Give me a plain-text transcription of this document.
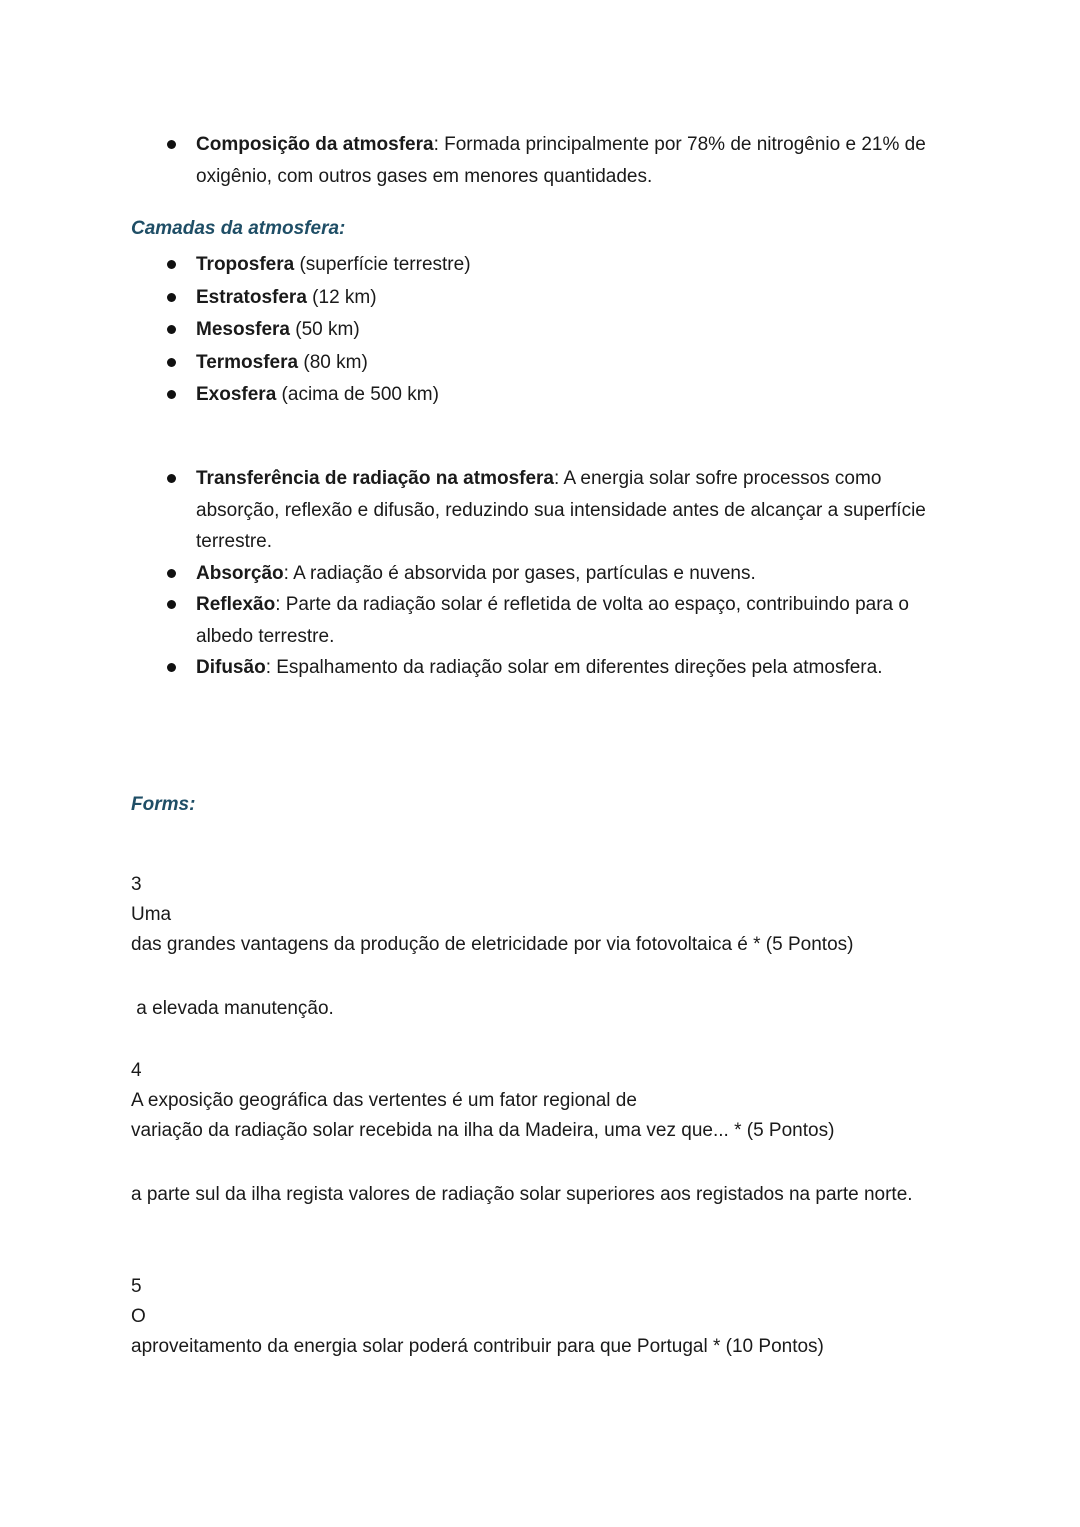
Composição da atmosfera: Formada principalmente por 78% de nitrogênio e 21% de oxigênio, com outros gases em menores quantidades.
Camadas da atmosfera:
Troposfera (superfície terrestre)
Estratosfera (12 km)
Mesosfera (50 km)
Termosfera (80 km)
Exosfera (acima de 500 km)
Transferência de radiação na atmosfera: A energia solar sofre processos como absorção, reflexão e difusão, reduzindo sua intensidade antes de alcançar a superfície terrestre.
Absorção: A radiação é absorvida por gases, partículas e nuvens.
Reflexão: Parte da radiação solar é refletida de volta ao espaço, contribuindo para o albedo terrestre.
Difusão: Espalhamento da radiação solar em diferentes direções pela atmosfera.
Forms:
3
Uma
das grandes vantagens da produção de eletricidade por via fotovoltaica é * (5 Pontos)
a elevada manutenção.
4
A exposição geográfica das vertentes é um fator regional de
variação da radiação solar recebida na ilha da Madeira, uma vez que... * (5 Pontos)
a parte sul da ilha regista valores de radiação solar superiores aos registados na parte norte.
5
O
aproveitamento da energia solar poderá contribuir para que Portugal * (10 Pontos)
